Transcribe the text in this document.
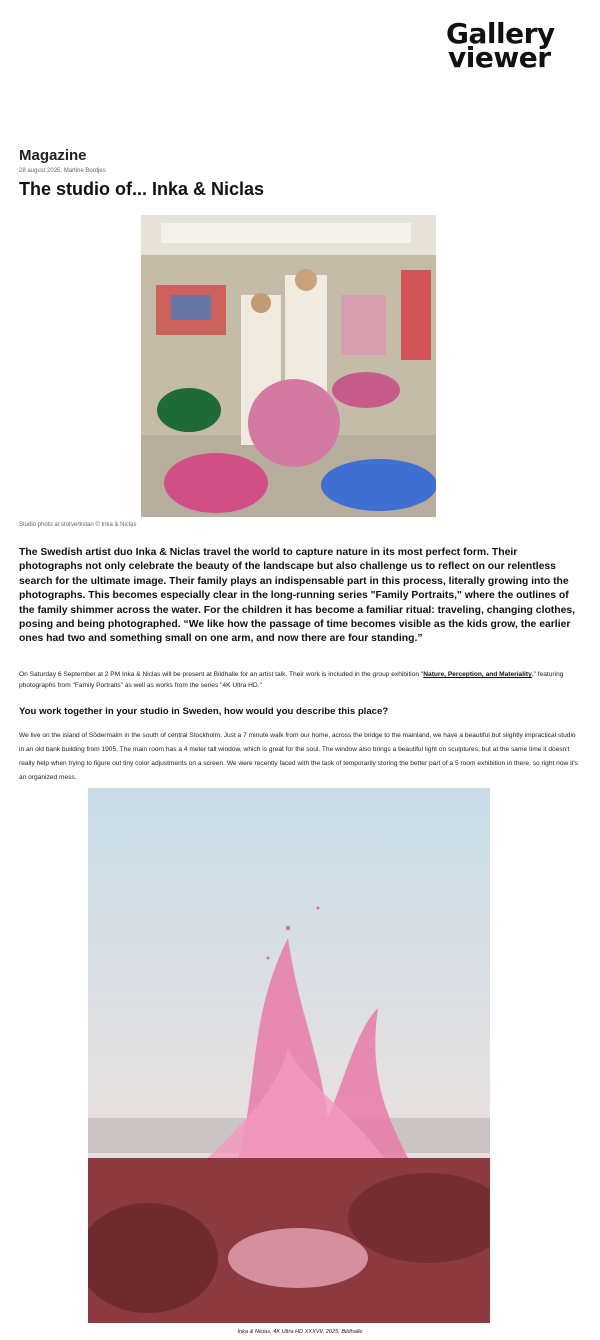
Gallery
viewer

Magazine

28 august 2025, Martine Bordjes

The studio of... Inka & Niclas
Studio photo at storverkstan © Inka & Niclas

The Swedish artist duo Inka & Niclas travel the world to capture nature in its most perfect form. Their photographs not only celebrate the beauty of the landscape but also challenge us to reflect on our relentless search for the ultimate image. Their family plays an indispensable part in this process, literally growing into the photographs. This becomes especially clear in the long-running series "Family Portraits," where the outlines of the family shimmer across the water. For the children it has become a familiar ritual: traveling, changing clothes, posing and being photographed. “We like how the passage of time becomes visible as the kids grow, the earlier ones had two and something small on one arm, and now there are four standing.”

On Saturday 6 September at 2 PM Inka & Niclas will be present at Bildhalle for an artist talk. Their work is included in the group exhibition "Nature, Perception, and Materiality," featuring photographs from "Family Portraits" as well as works from the series "4K Ultra HD."

You work together in your studio in Sweden, how would you describe this place?

We live on the island of Södermalm in the south of central Stockholm. Just a 7 minute walk from our home, across the bridge to the mainland, we have a beautiful but slightly impractical studio in an old bank building from 1905. The main room has a 4 meter tall window, which is great for the soul. The window also brings a beautiful light on sculptures, but at the same time it doesn't really help when trying to figure out tiny color adjustments on a screen. We were recently faced with the task of temporarily storing the better part of a 5 room exhibition in there, so right now it's an organized mess.

Inka & Niclas, 4K Ultra HD XXXVII, 2025, Bildhalle
